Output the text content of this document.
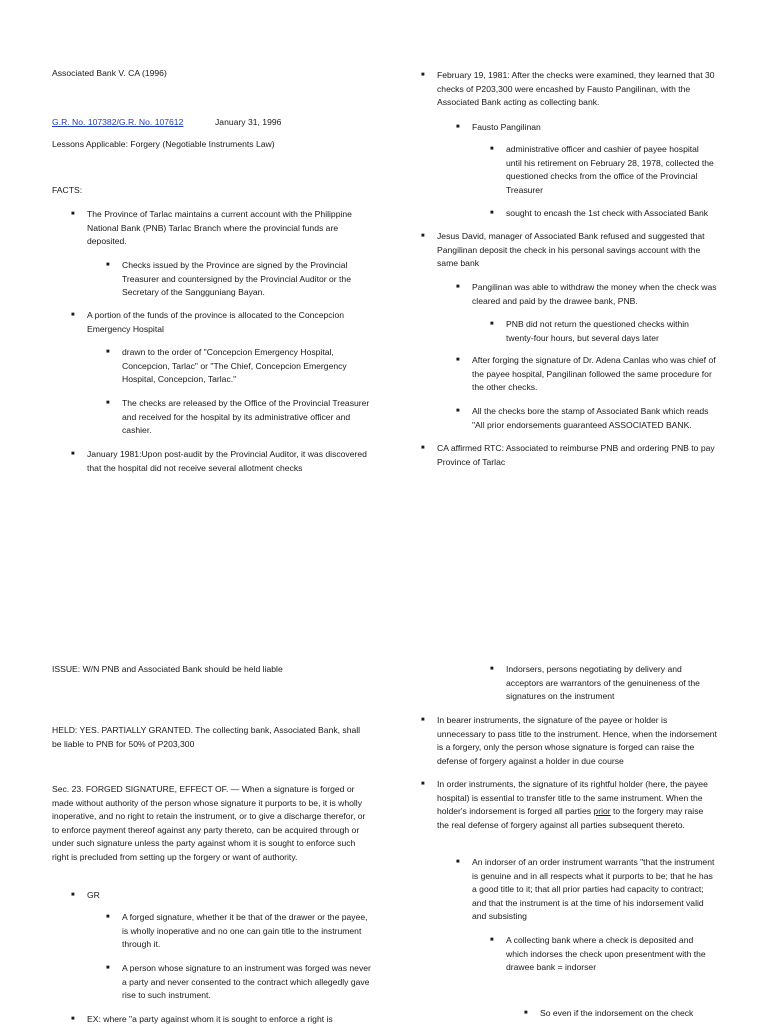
Associated Bank V. CA (1996)
G.R. No. 107382/G.R. No. 107612	January 31, 1996
Lessons Applicable: Forgery (Negotiable Instruments Law)
FACTS:
■ The Province of Tarlac maintains a current account with the Philippine National Bank (PNB) Tarlac Branch where the provincial funds are deposited.
■ Checks issued by the Province are signed by the Provincial Treasurer and countersigned by the Provincial Auditor or the Secretary of the Sangguniang Bayan.
■ A portion of the funds of the province is allocated to the Concepcion Emergency Hospital
■ drawn to the order of "Concepcion Emergency Hospital, Concepcion, Tarlac" or "The Chief, Concepcion Emergency Hospital, Concepcion, Tarlac."
■ The checks are released by the Office of the Provincial Treasurer and received for the hospital by its administrative officer and cashier.
■ January 1981:Upon post-audit by the Provincial Auditor, it was discovered that the hospital did not receive several allotment checks
■ February 19, 1981: After the checks were examined, they learned that 30 checks of P203,300 were encashed by Fausto Pangilinan, with the Associated Bank acting as collecting bank.
■ Fausto Pangilinan
■ administrative officer and cashier of payee hospital until his retirement on February 28, 1978, collected the questioned checks from the office of the Provincial Treasurer
■ sought to encash the 1st check with Associated Bank
■ Jesus David, manager of Associated Bank refused and suggested that Pangilinan deposit the check in his personal savings account with the same bank
■ Pangilinan was able to withdraw the money when the check was cleared and paid by the drawee bank, PNB.
■ PNB did not return the questioned checks within twenty-four hours, but several days later
■ After forging the signature of Dr. Adena Canlas who was chief of the payee hospital, Pangilinan followed the same procedure for the other checks.
■ All the checks bore the stamp of Associated Bank which reads "All prior endorsements guaranteed ASSOCIATED BANK.
■ CA affirmed RTC: Associated to reimburse PNB and ordering PNB to pay Province of Tarlac
ISSUE: W/N PNB and Associated Bank should be held liable
HELD: YES. PARTIALLY GRANTED. The collecting bank, Associated Bank, shall be liable to PNB for 50% of P203,300
Sec. 23. FORGED SIGNATURE, EFFECT OF. — When a signature is forged or made without authority of the person whose signature it purports to be, it is wholly inoperative, and no right to retain the instrument, or to give a discharge therefor, or to enforce payment thereof against any party thereto, can be acquired through or under such signature unless the party against whom it is sought to enforce such right is precluded from setting up the forgery or want of authority.
■ GR
■ A forged signature, whether it be that of the drawer or the payee, is wholly inoperative and no one can gain title to the instrument through it.
■ A person whose signature to an instrument was forged was never a party and never consented to the contract which allegedly gave rise to such instrument.
■ EX: where "a party against whom it is sought to enforce a right is
■ Indorsers, persons negotiating by delivery and acceptors are warrantors of the genuineness of the signatures on the instrument
■ In bearer instruments, the signature of the payee or holder is unnecessary to pass title to the instrument. Hence, when the indorsement is a forgery, only the person whose signature is forged can raise the defense of forgery against a holder in due course
■ In order instruments, the signature of its rightful holder (here, the payee hospital) is essential to transfer title to the same instrument. When the holder's indorsement is forged all parties prior to the forgery may raise the real defense of forgery against all parties subsequent thereto.
■ An indorser of an order instrument warrants "that the instrument is genuine and in all respects what it purports to be; that he has a good title to it; that all prior parties had capacity to contract; and that the instrument is at the time of his indorsement valid and subsisting
■ A collecting bank where a check is deposited and which indorses the check upon presentment with the drawee bank = indorser
■ So even if the indorsement on the check
